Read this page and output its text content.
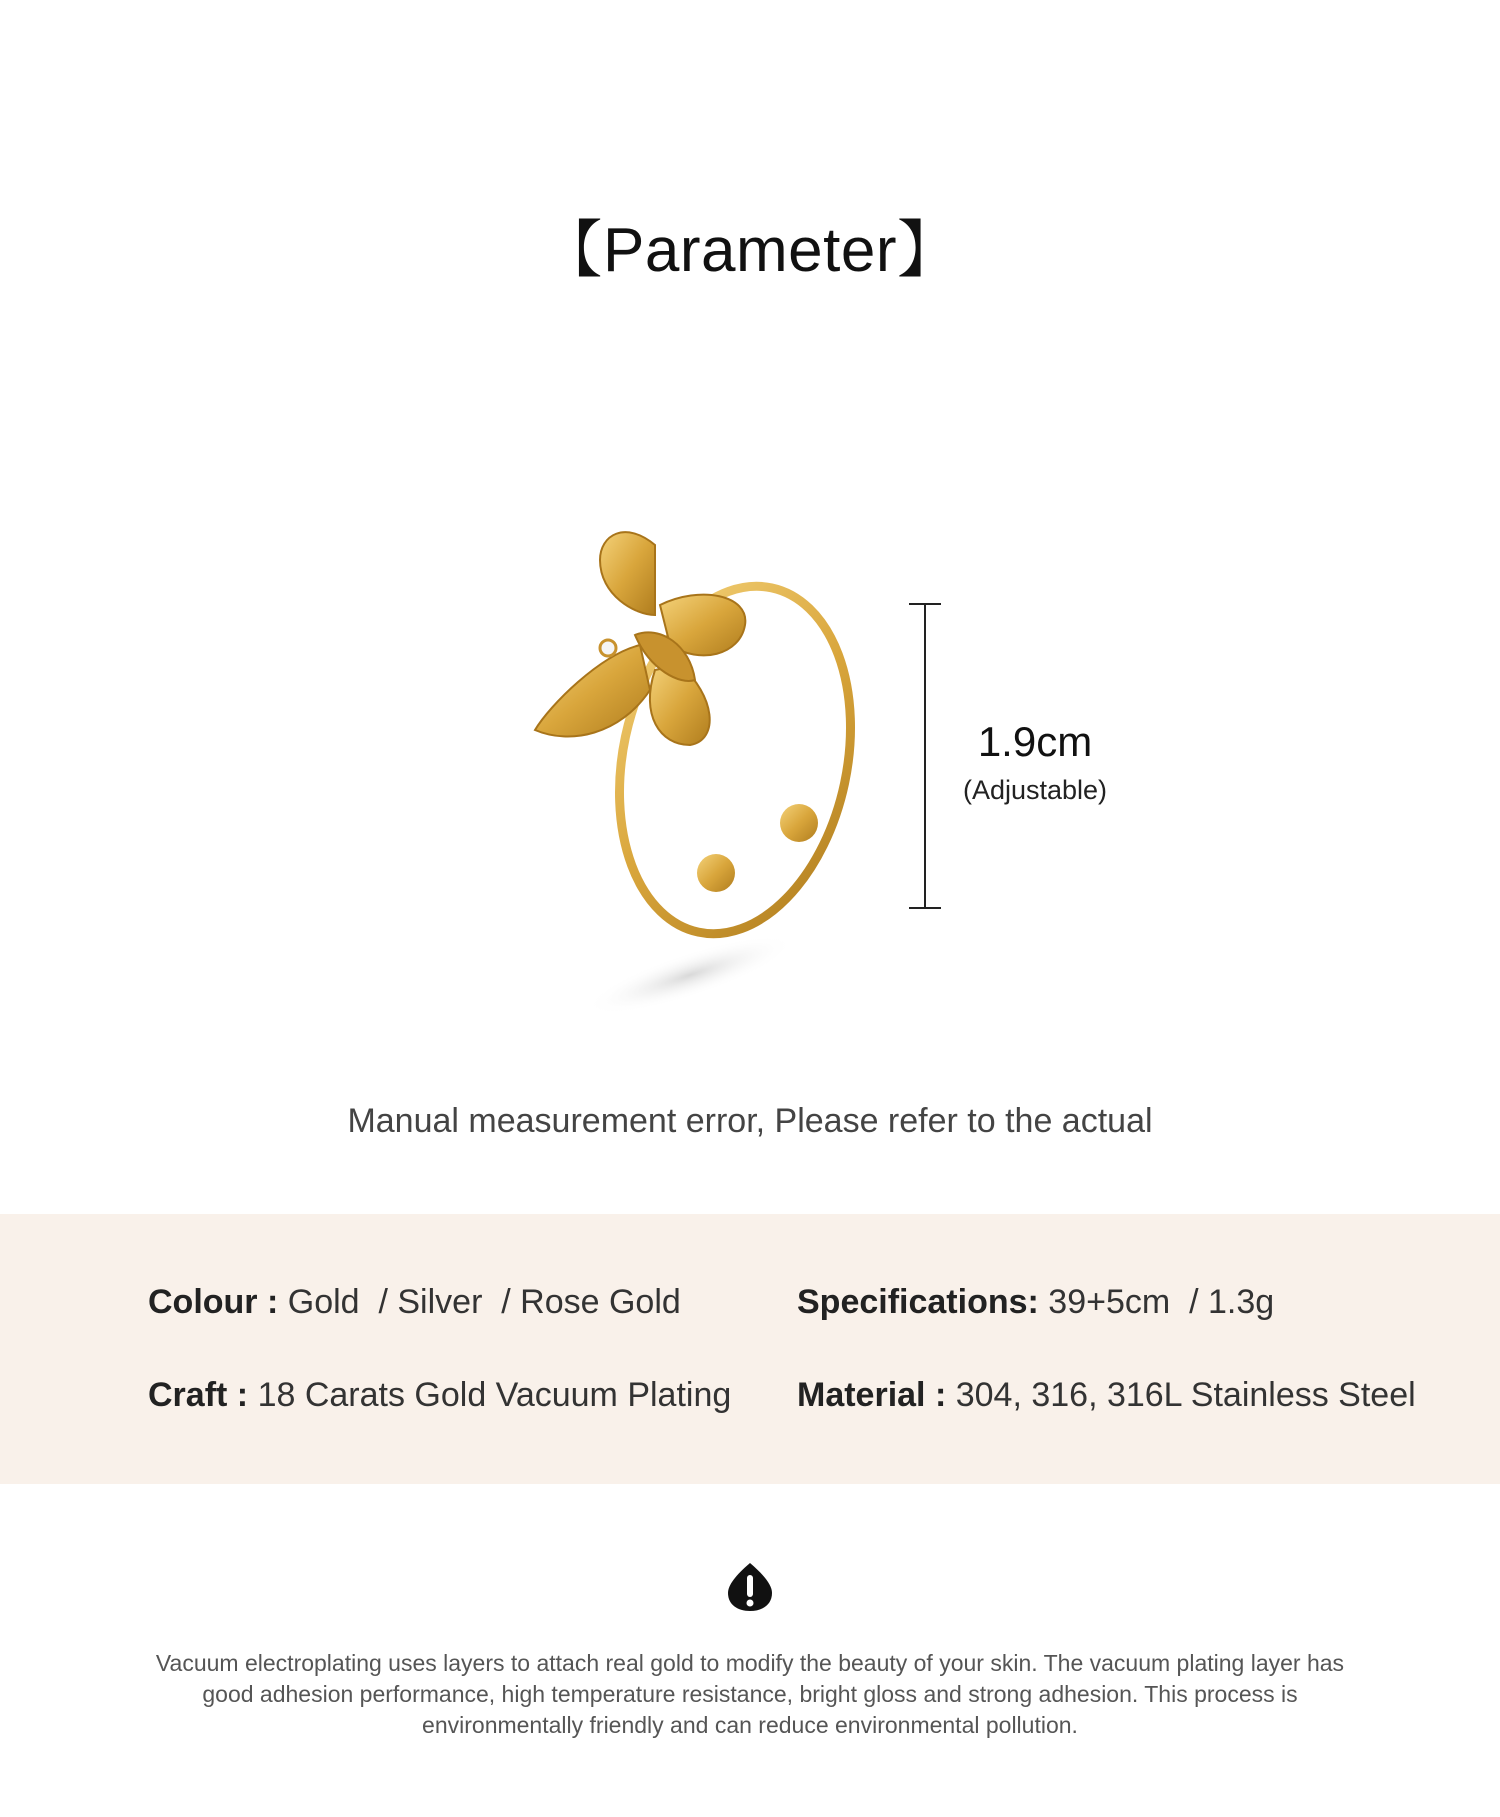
【Parameter】
1.9cm
(Adjustable)
Manual measurement error, Please refer to the actual
Colour : Gold  / Silver  / Rose Gold	Specifications: 39+5cm  / 1.3g
Craft : 18 Carats Gold Vacuum Plating Material : 304, 316, 316L Stainless Steel
Vacuum electroplating uses layers to attach real gold to modify the beauty of your skin. The vacuum plating layer has good adhesion performance, high temperature resistance, bright gloss and strong adhesion. This process is environmentally friendly and can reduce environmental pollution.
